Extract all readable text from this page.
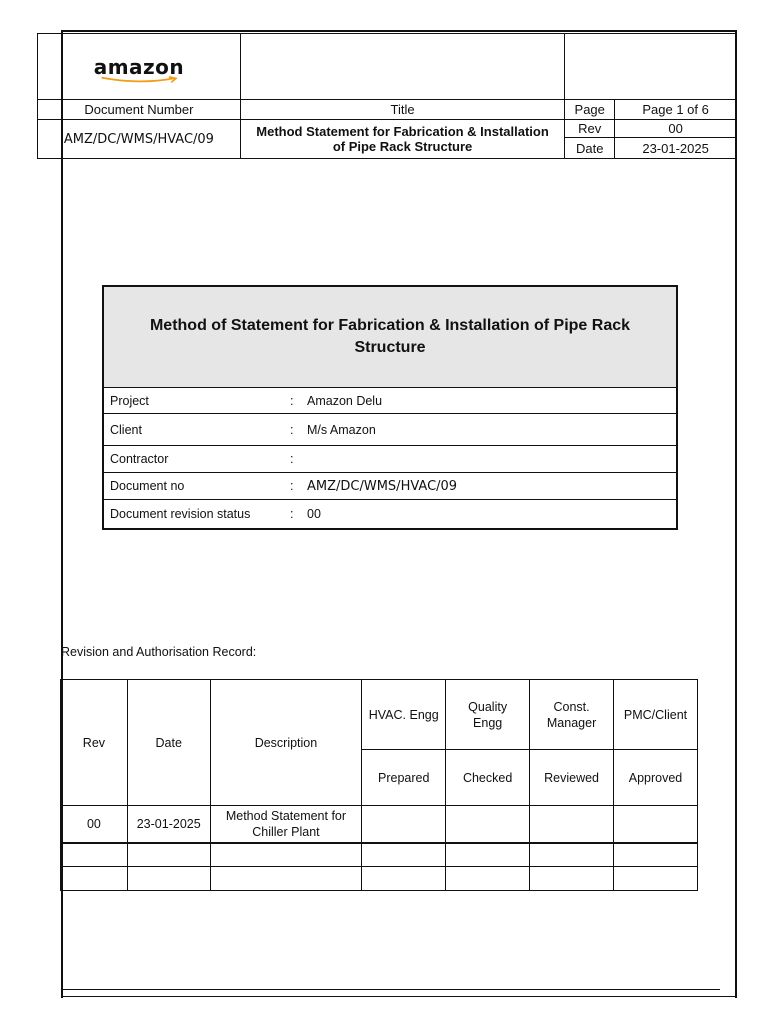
amazon	

Document Number	Title	Page	Page 1 of 6
AMZ/DC/WMS/HVAC/09	Method Statement for Fabrication & Installation of Pipe Rack Structure	Rev	00
		Date	23-01-2025
Method of Statement for Fabrication & Installation of Pipe Rack Structure
Project	: Amazon Delu
Client	: M/s Amazon
Contractor	:
Document no	: AMZ/DC/WMS/HVAC/09
Document revision status	: 00
Revision and Authorisation Record:
Rev	Date	Description	HVAC. Engg	Quality Engg	Const. Manager	PMC/Client
			Prepared	Checked	Reviewed	Approved
00	23-01-2025	Method Statement for Chiller Plant				
